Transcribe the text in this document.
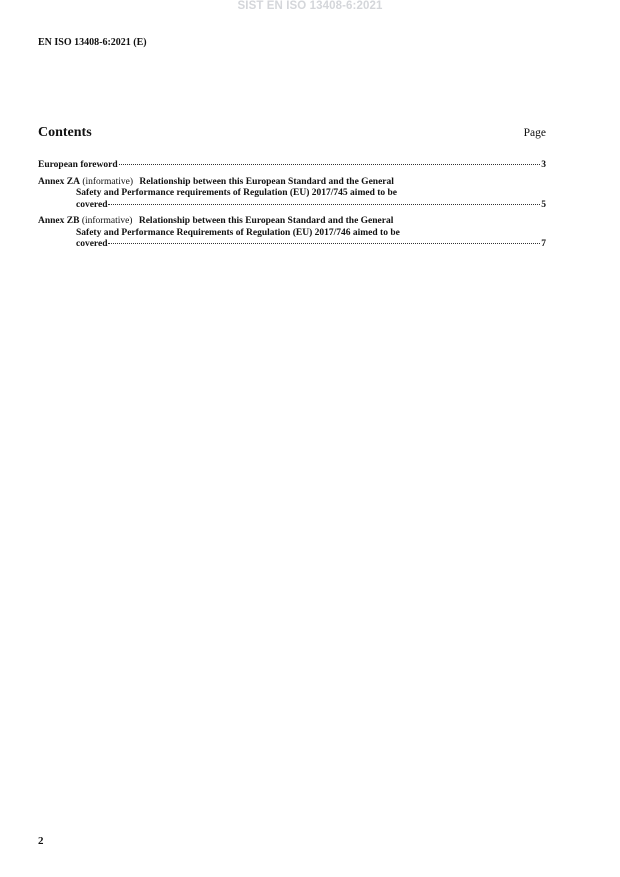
SIST EN ISO 13408-6:2021
EN ISO 13408-6:2021 (E)
Contents	Page
European foreword	3
Annex ZA (informative) Relationship between this European Standard and the General
Safety and Performance requirements of Regulation (EU) 2017/745 aimed to be
covered	5
Annex ZB (informative) Relationship between this European Standard and the General
Safety and Performance Requirements of Regulation (EU) 2017/746 aimed to be
covered	7
2
